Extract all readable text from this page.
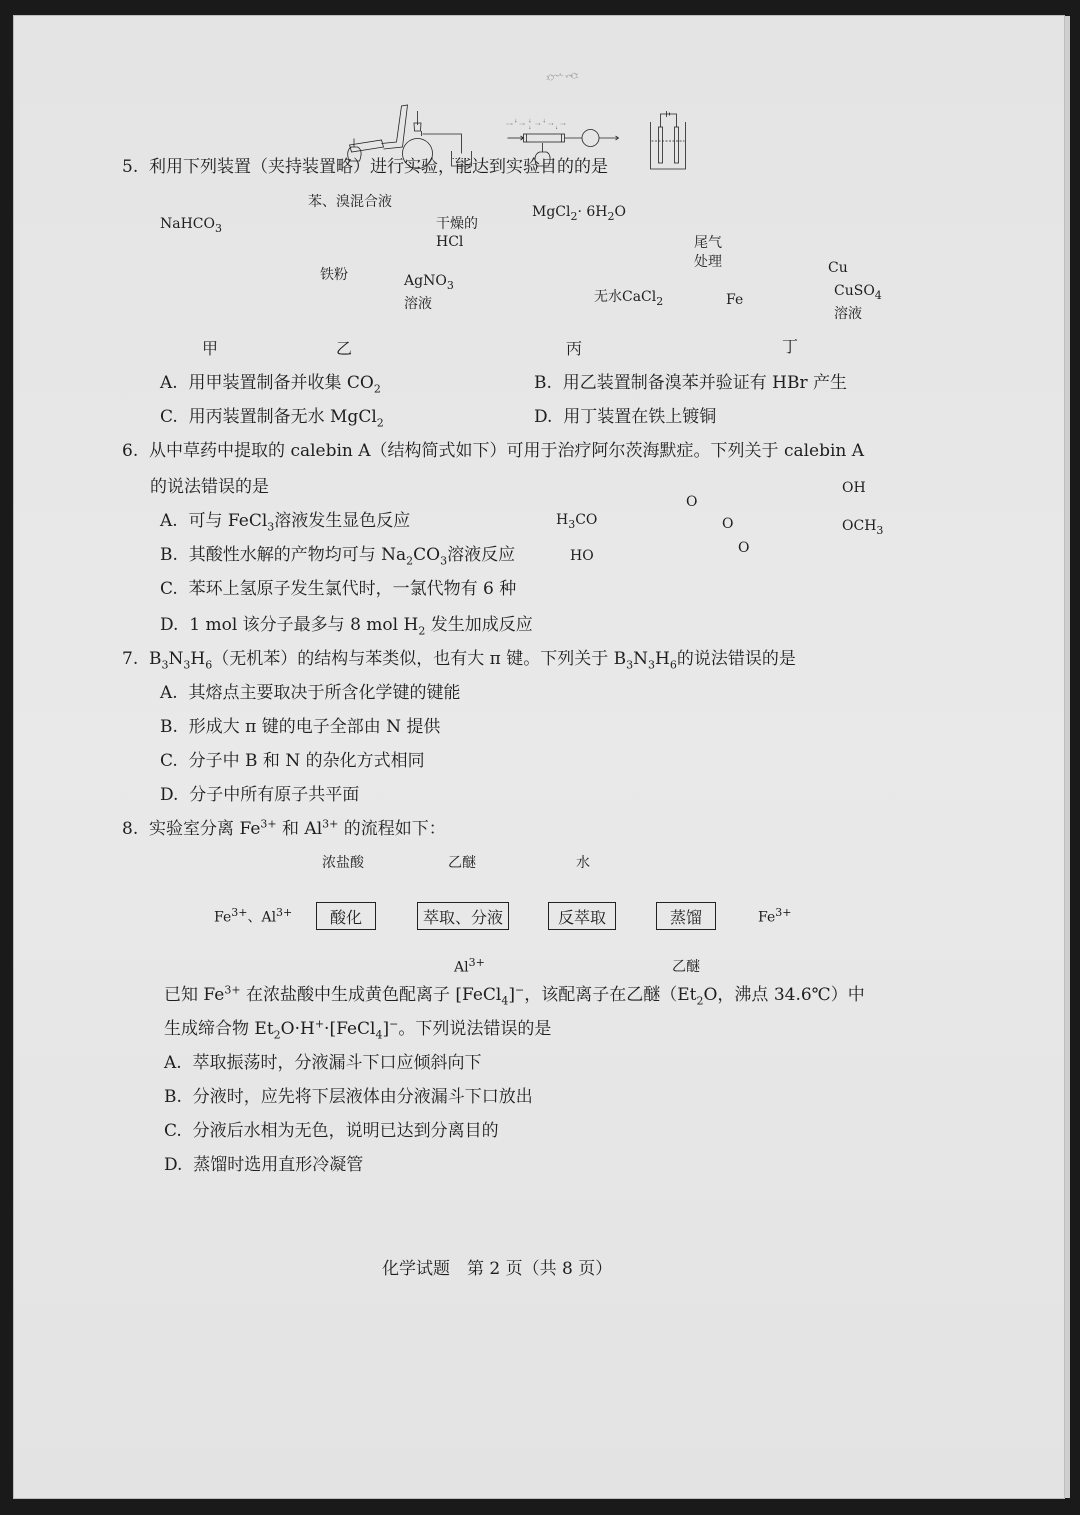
5. 利用下列装置（夹持装置略）进行实验，能达到实验目的的是
NaHCO$_3$
苯、溴混合液
铁粉	AgNO$_3$
溶液
干燥的
HCl
MgCl$_2$· $6H_2O$
尾气
处理
无水CaCl$_2$
Cu
Fe
CuSO$_4$
溶液
甲	乙	丙	丁
A. 用甲装置制备并收集 $CO_2$	B. 用乙装置制备溴苯并验证有 HBr 产生
C. 用丙装置制备无水 MgCl$_2$	D. 用丁装置在铁上镀铜
6. 从中草药中提取的 calebin A（结构简式如下）可用于治疗阿尔茨海默症。下列关于 calebin A
的说法错误的是
A. 可与 FeCl$_3$溶液发生显色反应
B. 其酸性水解的产物均可与 $Na_2CO_3$溶液反应
C. 苯环上氢原子发生氯代时，一氯代物有 6 种
D. 1 mol 该分子最多与 8 mol $H_2$ 发生加成反应
$H_3CO$
HO
O
O
O
OH
$OCH_3$
7. $B_3N_3H_6$（无机苯）的结构与苯类似，也有大 π 键。下列关于 $B_3N_3H_6$的说法错误的是
A. 其熔点主要取决于所含化学键的键能
B. 形成大 π 键的电子全部由 N 提供
C. 分子中 B 和 N 的杂化方式相同
D. 分子中所有原子共平面
8. 实验室分离 $Fe^{3+}$ 和 $Al^{3+}$ 的流程如下：
浓盐酸	乙醚	水
$Fe^{3+}$、$Al^{3+}$	酸化	萃取、分液	反萃取	蒸馏	$Fe^{3+}$
$Al^{3+}$	乙醚
已知 $Fe^{3+}$ 在浓盐酸中生成黄色配离子 [FeCl$_4$]−，该配离子在乙醚（$Et_2O$，沸点 34.6℃）中
生成缔合物 $Et_2O\cdot H^+\cdot[FeCl_4]^-$。下列说法错误的是
A. 萃取振荡时，分液漏斗下口应倾斜向下
B. 分液时，应先将下层液体由分液漏斗下口放出
C. 分液后水相为无色，说明已达到分离目的
D. 蒸馏时选用直形冷凝管
化学试题　第 2 页（共 8 页）
